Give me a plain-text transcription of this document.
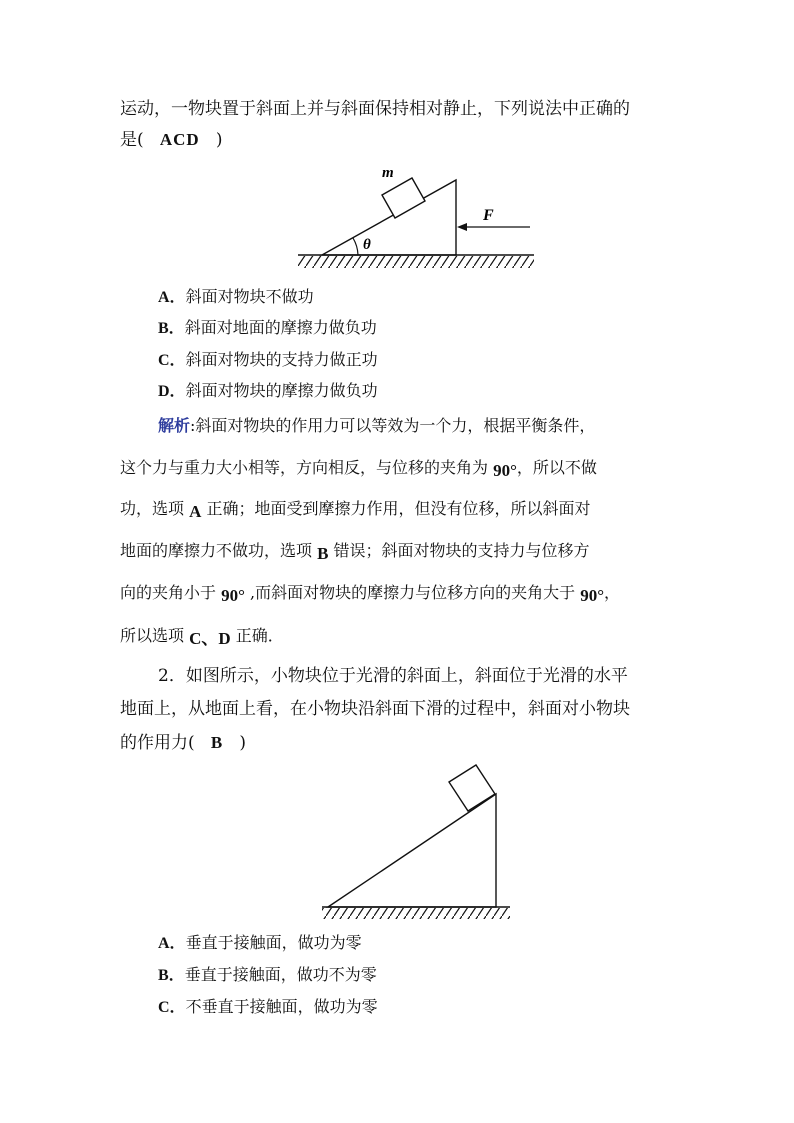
运动，一物块置于斜面上并与斜面保持相对静止，下列说法中正确的
是( ACD )
m
F
θ
A．斜面对物块不做功
B．斜面对地面的摩擦力做负功
C．斜面对物块的支持力做正功
D．斜面对物块的摩擦力做负功
解析:斜面对物块的作用力可以等效为一个力，根据平衡条件，
这个力与重力大小相等，方向相反，与位移的夹角为 90°，所以不做
功，选项 A 正确；地面受到摩擦力作用，但没有位移，所以斜面对
地面的摩擦力不做功，选项 B 错误；斜面对物块的支持力与位移方
向的夹角小于 90° ,而斜面对物块的摩擦力与位移方向的夹角大于 90°，
所以选项 C、D 正确．
2．如图所示，小物块位于光滑的斜面上，斜面位于光滑的水平
地面上，从地面上看，在小物块沿斜面下滑的过程中，斜面对小物块
的作用力( B )
A．垂直于接触面，做功为零
B．垂直于接触面，做功不为零
C．不垂直于接触面，做功为零
